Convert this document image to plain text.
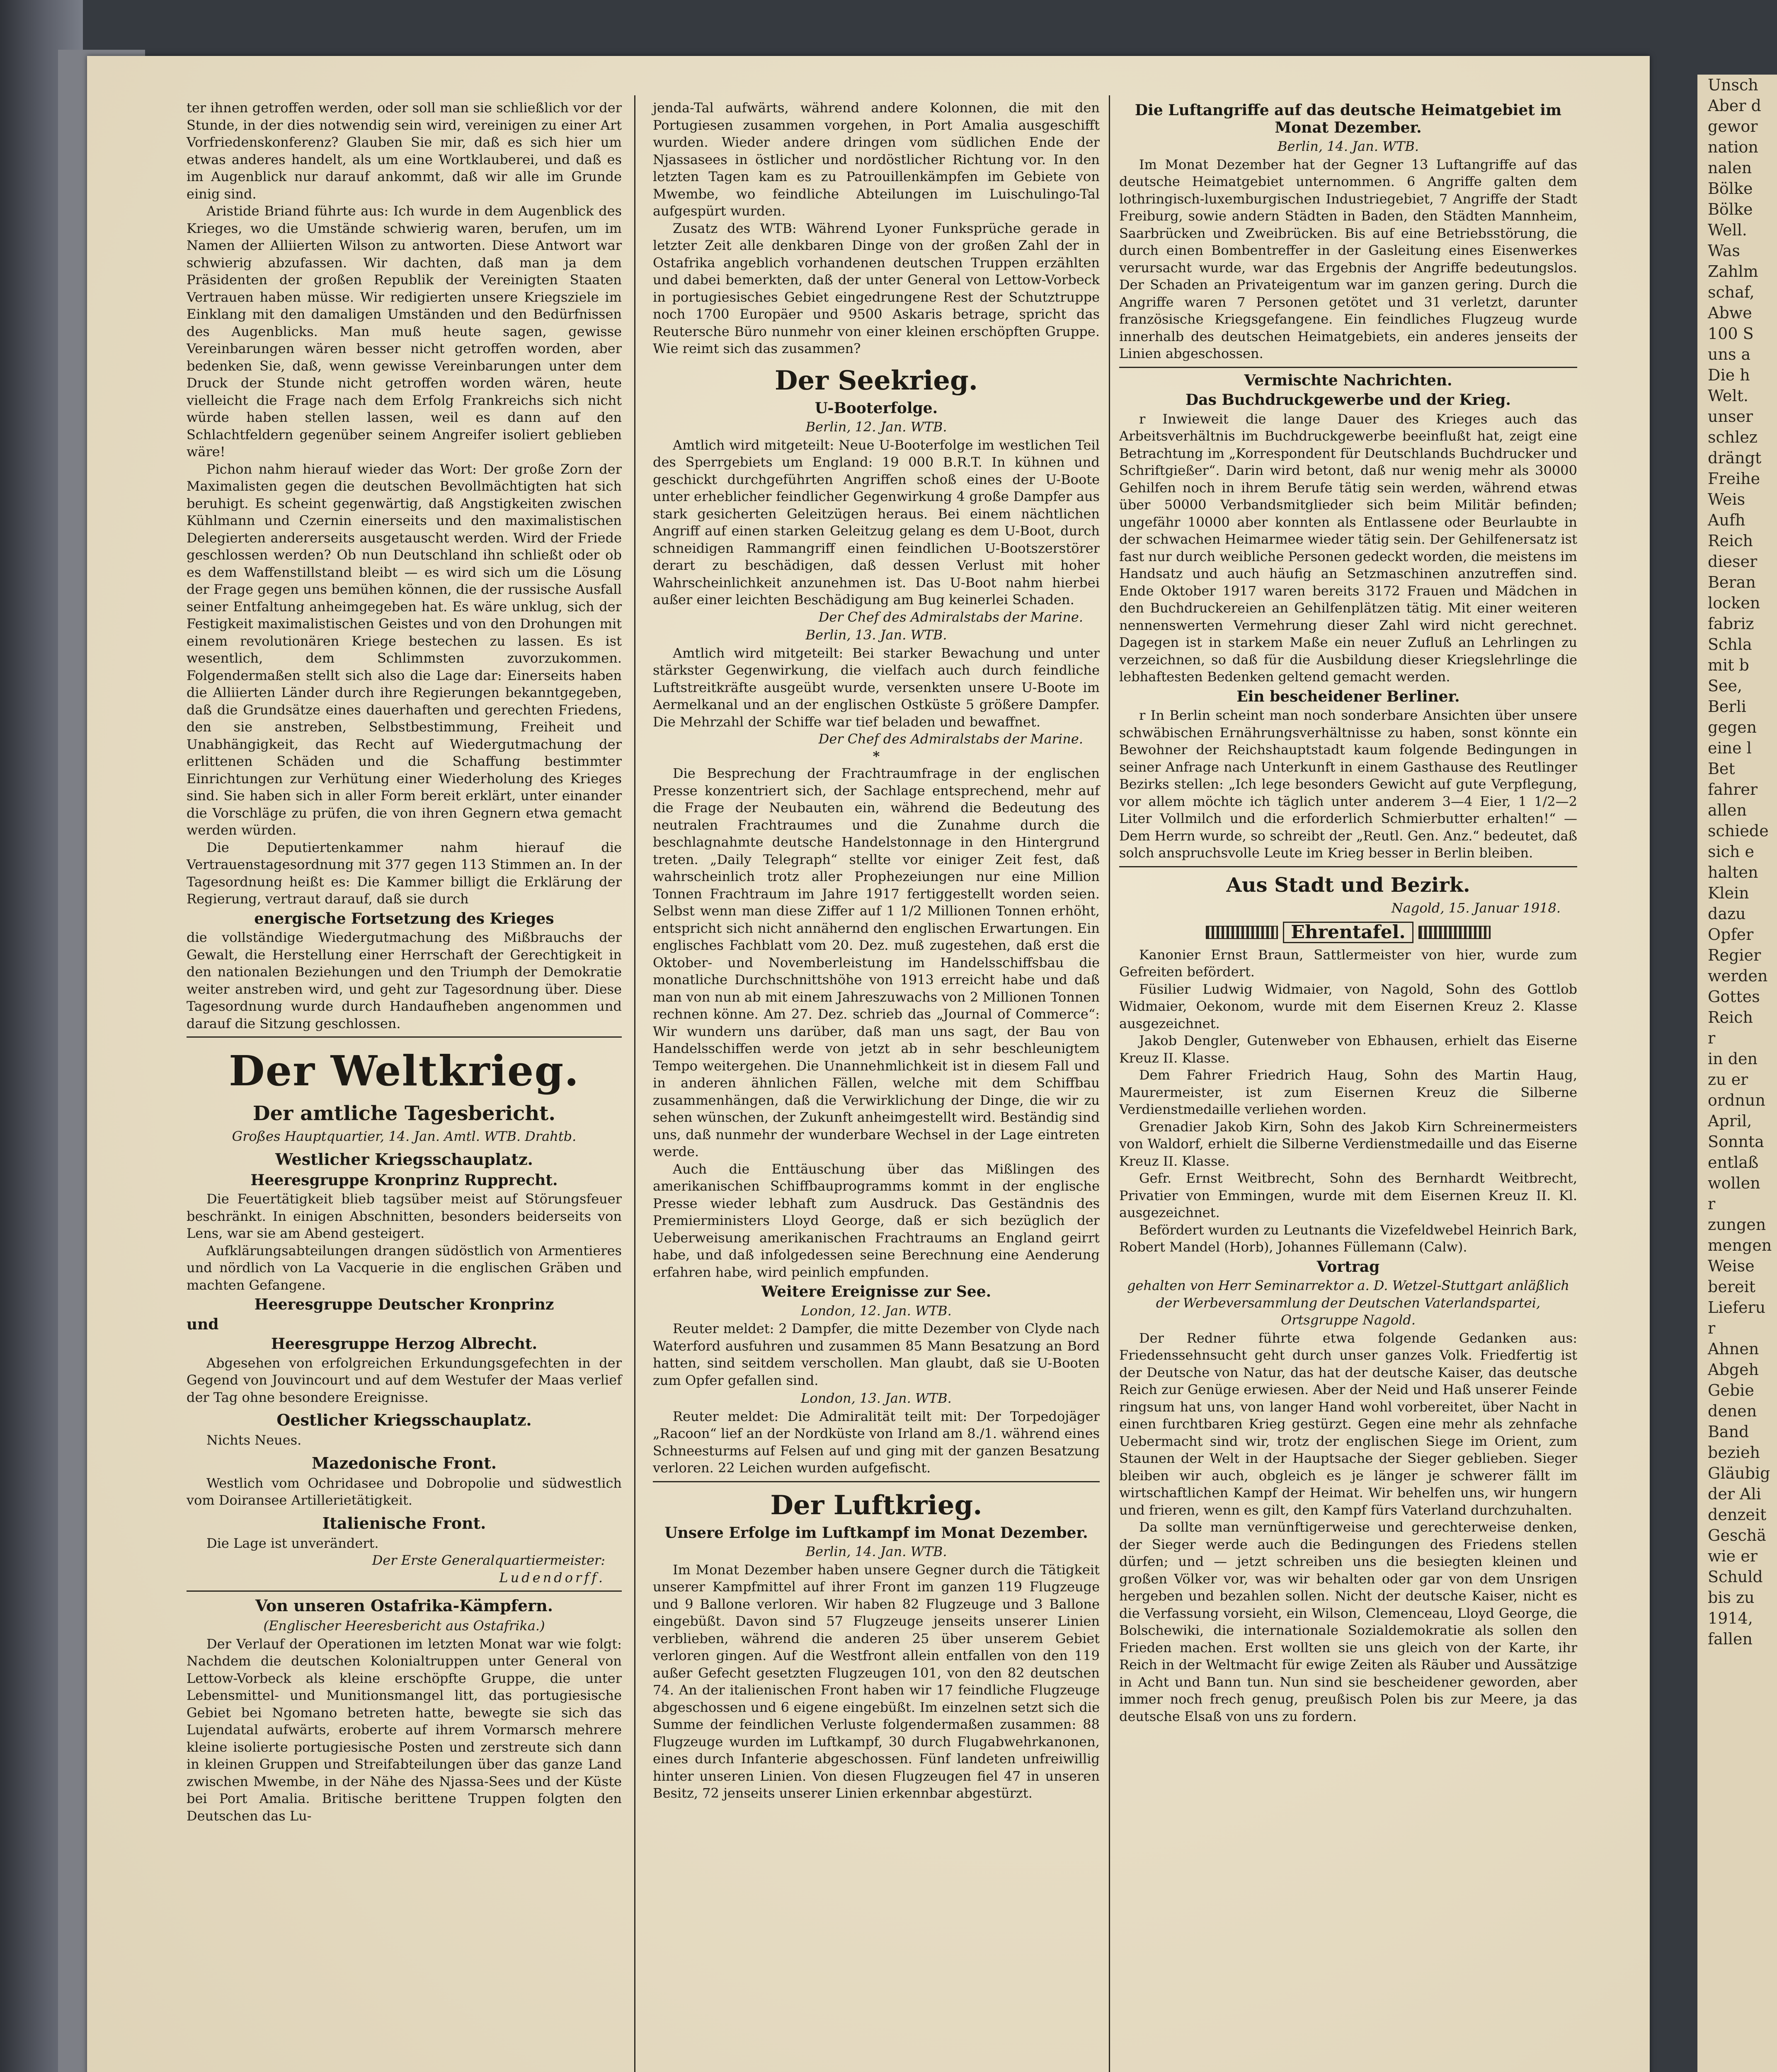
ter ihnen getroffen werden, oder soll man sie schließlich vor der Stunde, in der dies notwendig sein wird, vereinigen zu einer Art Vorfriedenskonferenz? Glauben Sie mir, daß es sich hier um etwas anderes handelt, als um eine Wortklauberei, und daß es im Augenblick nur darauf ankommt, daß wir alle im Grunde einig sind.

Aristide Briand führte aus: Ich wurde in dem Augenblick des Krieges, wo die Umstände schwierig waren, berufen, um im Namen der Alliierten Wilson zu antworten. Diese Antwort war schwierig abzufassen. Wir dachten, daß man ja dem Präsidenten der großen Republik der Vereinigten Staaten Vertrauen haben müsse. Wir redigierten unsere Kriegsziele im Einklang mit den damaligen Umständen und den Bedürfnissen des Augenblicks. Man muß heute sagen, gewisse Vereinbarungen wären besser nicht getroffen worden, aber bedenken Sie, daß, wenn gewisse Vereinbarungen unter dem Druck der Stunde nicht getroffen worden wären, heute vielleicht die Frage nach dem Erfolg Frankreichs sich nicht würde haben stellen lassen, weil es dann auf den Schlachtfeldern gegenüber seinem Angreifer isoliert geblieben wäre!

Pichon nahm hierauf wieder das Wort: Der große Zorn der Maximalisten gegen die deutschen Bevollmächtigten hat sich beruhigt. Es scheint gegenwärtig, daß Angstigkeiten zwischen Kühlmann und Czernin einerseits und den maximalistischen Delegierten andererseits ausgetauscht werden. Wird der Friede geschlossen werden? Ob nun Deutschland ihn schließt oder ob es dem Waffenstillstand bleibt — es wird sich um die Lösung der Frage gegen uns bemühen können, die der russische Ausfall seiner Entfaltung anheimgegeben hat. Es wäre unklug, sich der Festigkeit maximalistischen Geistes und von den Drohungen mit einem revolutionären Kriege bestechen zu lassen. Es ist wesentlich, dem Schlimmsten zuvorzukommen. Folgendermaßen stellt sich also die Lage dar: Einerseits haben die Alliierten Länder durch ihre Regierungen bekanntgegeben, daß die Grundsätze eines dauerhaften und gerechten Friedens, den sie anstreben, Selbstbestimmung, Freiheit und Unabhängigkeit, das Recht auf Wiedergutmachung der erlittenen Schäden und die Schaffung bestimmter Einrichtungen zur Verhütung einer Wiederholung des Krieges sind. Sie haben sich in aller Form bereit erklärt, unter einander die Vorschläge zu prüfen, die von ihren Gegnern etwa gemacht werden würden.

Die Deputiertenkammer nahm hierauf die Vertrauenstagesordnung mit 377 gegen 113 Stimmen an. In der Tagesordnung heißt es: Die Kammer billigt die Erklärung der Regierung, vertraut darauf, daß sie durch

energische Fortsetzung des Krieges

die vollständige Wiedergutmachung des Mißbrauchs der Gewalt, die Herstellung einer Herrschaft der Gerechtigkeit in den nationalen Beziehungen und den Triumph der Demokratie weiter anstreben wird, und geht zur Tagesordnung über. Diese Tagesordnung wurde durch Handaufheben angenommen und darauf die Sitzung geschlossen.

Der Weltkrieg.
Der amtliche Tagesbericht.
Großes Hauptquartier, 14. Jan. Amtl. WTB. Drahtb.
Westlicher Kriegsschauplatz.
Heeresgruppe Kronprinz Rupprecht.

Die Feuertätigkeit blieb tagsüber meist auf Störungsfeuer beschränkt. In einigen Abschnitten, besonders beiderseits von Lens, war sie am Abend gesteigert.

Aufklärungsabteilungen drangen südöstlich von Armentieres und nördlich von La Vacquerie in die englischen Gräben und machten Gefangene.

Heeresgruppe Deutscher Kronprinz
und
Heeresgruppe Herzog Albrecht.

Abgesehen von erfolgreichen Erkundungsgefechten in der Gegend von Jouvincourt und auf dem Westufer der Maas verlief der Tag ohne besondere Ereignisse.

Oestlicher Kriegsschauplatz.

Nichts Neues.

Mazedonische Front.

Westlich vom Ochridasee und Dobropolie und südwestlich vom Doiransee Artillerietätigkeit.

Italienische Front.

Die Lage ist unverändert.

Der Erste Generalquartiermeister:
Ludendorff.
Von unseren Ostafrika-Kämpfern.
(Englischer Heeresbericht aus Ostafrika.)

Der Verlauf der Operationen im letzten Monat war wie folgt: Nachdem die deutschen Kolonialtruppen unter General von Lettow-Vorbeck als kleine erschöpfte Gruppe, die unter Lebensmittel- und Munitionsmangel litt, das portugiesische Gebiet bei Ngomano betreten hatte, bewegte sie sich das Lujendatal aufwärts, eroberte auf ihrem Vormarsch mehrere kleine isolierte portugiesische Posten und zerstreute sich dann in kleinen Gruppen und Streifabteilungen über das ganze Land zwischen Mwembe, in der Nähe des Njassa-Sees und der Küste bei Port Amalia. Britische berittene Truppen folgten den Deutschen das Lu-

jenda-Tal aufwärts, während andere Kolonnen, die mit den Portugiesen zusammen vorgehen, in Port Amalia ausgeschifft wurden. Wieder andere dringen vom südlichen Ende der Njassasees in östlicher und nordöstlicher Richtung vor. In den letzten Tagen kam es zu Patrouillenkämpfen im Gebiete von Mwembe, wo feindliche Abteilungen im Luischulingo-Tal aufgespürt wurden.

Zusatz des WTB: Während Lyoner Funksprüche gerade in letzter Zeit alle denkbaren Dinge von der großen Zahl der in Ostafrika angeblich vorhandenen deutschen Truppen erzählten und dabei bemerkten, daß der unter General von Lettow-Vorbeck in portugiesisches Gebiet eingedrungene Rest der Schutztruppe noch 1700 Europäer und 9500 Askaris betrage, spricht das Reutersche Büro nunmehr von einer kleinen erschöpften Gruppe. Wie reimt sich das zusammen?

Der Seekrieg.
U-Booterfolge.
Berlin, 12. Jan. WTB.

Amtlich wird mitgeteilt: Neue U-Booterfolge im westlichen Teil des Sperrgebiets um England: 19 000 B.R.T. In kühnen und geschickt durchgeführten Angriffen schoß eines der U-Boote unter erheblicher feindlicher Gegenwirkung 4 große Dampfer aus stark gesicherten Geleitzügen heraus. Bei einem nächtlichen Angriff auf einen starken Geleitzug gelang es dem U-Boot, durch schneidigen Rammangriff einen feindlichen U-Bootszerstörer derart zu beschädigen, daß dessen Verlust mit hoher Wahrscheinlichkeit anzunehmen ist. Das U-Boot nahm hierbei außer einer leichten Beschädigung am Bug keinerlei Schaden.

Der Chef des Admiralstabs der Marine.
Berlin, 13. Jan. WTB.

Amtlich wird mitgeteilt: Bei starker Bewachung und unter stärkster Gegenwirkung, die vielfach auch durch feindliche Luftstreitkräfte ausgeübt wurde, versenkten unsere U-Boote im Aermelkanal und an der englischen Ostküste 5 größere Dampfer. Die Mehrzahl der Schiffe war tief beladen und bewaffnet.

Der Chef des Admiralstabs der Marine.
*

Die Besprechung der Frachtraumfrage in der englischen Presse konzentriert sich, der Sachlage entsprechend, mehr auf die Frage der Neubauten ein, während die Bedeutung des neutralen Frachtraumes und die Zunahme durch die beschlagnahmte deutsche Handelstonnage in den Hintergrund treten. „Daily Telegraph“ stellte vor einiger Zeit fest, daß wahrscheinlich trotz aller Prophezeiungen nur eine Million Tonnen Frachtraum im Jahre 1917 fertiggestellt worden seien. Selbst wenn man diese Ziffer auf 1 1/2 Millionen Tonnen erhöht, entspricht sich nicht annähernd den englischen Erwartungen. Ein englisches Fachblatt vom 20. Dez. muß zugestehen, daß erst die Oktober- und Novemberleistung im Handelsschiffsbau die monatliche Durchschnittshöhe von 1913 erreicht habe und daß man von nun ab mit einem Jahreszuwachs von 2 Millionen Tonnen rechnen könne. Am 27. Dez. schrieb das „Journal of Commerce“: Wir wundern uns darüber, daß man uns sagt, der Bau von Handelsschiffen werde von jetzt ab in sehr beschleunigtem Tempo weitergehen. Die Unannehmlichkeit ist in diesem Fall und in anderen ähnlichen Fällen, welche mit dem Schiffbau zusammenhängen, daß die Verwirklichung der Dinge, die wir zu sehen wünschen, der Zukunft anheimgestellt wird. Beständig sind uns, daß nunmehr der wunderbare Wechsel in der Lage eintreten werde.

Auch die Enttäuschung über das Mißlingen des amerikanischen Schiffbauprogramms kommt in der englische Presse wieder lebhaft zum Ausdruck. Das Geständnis des Premierministers Lloyd George, daß er sich bezüglich der Ueberweisung amerikanischen Frachtraums an England geirrt habe, und daß infolgedessen seine Berechnung eine Aenderung erfahren habe, wird peinlich empfunden.

Weitere Ereignisse zur See.
London, 12. Jan. WTB.

Reuter meldet: 2 Dampfer, die mitte Dezember von Clyde nach Waterford ausfuhren und zusammen 85 Mann Besatzung an Bord hatten, sind seitdem verschollen. Man glaubt, daß sie U-Booten zum Opfer gefallen sind.

London, 13. Jan. WTB.

Reuter meldet: Die Admiralität teilt mit: Der Torpedojäger „Racoon“ lief an der Nordküste von Irland am 8./1. während eines Schneesturms auf Felsen auf und ging mit der ganzen Besatzung verloren. 22 Leichen wurden aufgefischt.

Der Luftkrieg.
Unsere Erfolge im Luftkampf im Monat Dezember.
Berlin, 14. Jan. WTB.

Im Monat Dezember haben unsere Gegner durch die Tätigkeit unserer Kampfmittel auf ihrer Front im ganzen 119 Flugzeuge und 9 Ballone verloren. Wir haben 82 Flugzeuge und 3 Ballone eingebüßt. Davon sind 57 Flugzeuge jenseits unserer Linien verblieben, während die anderen 25 über unserem Gebiet verloren gingen. Auf die Westfront allein entfallen von den 119 außer Gefecht gesetzten Flugzeugen 101, von den 82 deutschen 74. An der italienischen Front haben wir 17 feindliche Flugzeuge abgeschossen und 6 eigene eingebüßt. Im einzelnen setzt sich die Summe der feindlichen Verluste folgendermaßen zusammen: 88 Flugzeuge wurden im Luftkampf, 30 durch Flugabwehrkanonen, eines durch Infanterie abgeschossen. Fünf landeten unfreiwillig hinter unseren Linien. Von diesen Flugzeugen fiel 47 in unseren Besitz, 72 jenseits unserer Linien erkennbar abgestürzt.

Die Luftangriffe auf das deutsche Heimatgebiet im Monat Dezember.
Berlin, 14. Jan. WTB.

Im Monat Dezember hat der Gegner 13 Luftangriffe auf das deutsche Heimatgebiet unternommen. 6 Angriffe galten dem lothringisch-luxemburgischen Industriegebiet, 7 Angriffe der Stadt Freiburg, sowie andern Städten in Baden, den Städten Mannheim, Saarbrücken und Zweibrücken. Bis auf eine Betriebsstörung, die durch einen Bombentreffer in der Gasleitung eines Eisenwerkes verursacht wurde, war das Ergebnis der Angriffe bedeutungslos. Der Schaden an Privateigentum war im ganzen gering. Durch die Angriffe waren 7 Personen getötet und 31 verletzt, darunter französische Kriegsgefangene. Ein feindliches Flugzeug wurde innerhalb des deutschen Heimatgebiets, ein anderes jenseits der Linien abgeschossen.

Vermischte Nachrichten.
Das Buchdruckgewerbe und der Krieg.

r Inwieweit die lange Dauer des Krieges auch das Arbeitsverhältnis im Buchdruckgewerbe beeinflußt hat, zeigt eine Betrachtung im „Korrespondent für Deutschlands Buchdrucker und Schriftgießer“. Darin wird betont, daß nur wenig mehr als 30000 Gehilfen noch in ihrem Berufe tätig sein werden, während etwas über 50000 Verbandsmitglieder sich beim Militär befinden; ungefähr 10000 aber konnten als Entlassene oder Beurlaubte in der schwachen Heimarmee wieder tätig sein. Der Gehilfenersatz ist fast nur durch weibliche Personen gedeckt worden, die meistens im Handsatz und auch häufig an Setzmaschinen anzutreffen sind. Ende Oktober 1917 waren bereits 3172 Frauen und Mädchen in den Buchdruckereien an Gehilfenplätzen tätig. Mit einer weiteren nennenswerten Vermehrung dieser Zahl wird nicht gerechnet. Dagegen ist in starkem Maße ein neuer Zufluß an Lehrlingen zu verzeichnen, so daß für die Ausbildung dieser Kriegslehrlinge die lebhaftesten Bedenken geltend gemacht werden.

Ein bescheidener Berliner.

r In Berlin scheint man noch sonderbare Ansichten über unsere schwäbischen Ernährungsverhältnisse zu haben, sonst könnte ein Bewohner der Reichshauptstadt kaum folgende Bedingungen in seiner Anfrage nach Unterkunft in einem Gasthause des Reutlinger Bezirks stellen: „Ich lege besonders Gewicht auf gute Verpflegung, vor allem möchte ich täglich unter anderem 3—4 Eier, 1 1/2—2 Liter Vollmilch und die erforderlich Schmierbutter erhalten!“ — Dem Herrn wurde, so schreibt der „Reutl. Gen. Anz.“ bedeutet, daß solch anspruchsvolle Leute im Krieg besser in Berlin bleiben.

Aus Stadt und Bezirk.
Nagold, 15. Januar 1918.
Ehrentafel.

Kanonier Ernst Braun, Sattlermeister von hier, wurde zum Gefreiten befördert.

Füsilier Ludwig Widmaier, von Nagold, Sohn des Gottlob Widmaier, Oekonom, wurde mit dem Eisernen Kreuz 2. Klasse ausgezeichnet.

Jakob Dengler, Gutenweber von Ebhausen, erhielt das Eiserne Kreuz II. Klasse.

Dem Fahrer Friedrich Haug, Sohn des Martin Haug, Maurermeister, ist zum Eisernen Kreuz die Silberne Verdienstmedaille verliehen worden.

Grenadier Jakob Kirn, Sohn des Jakob Kirn Schreinermeisters von Waldorf, erhielt die Silberne Verdienstmedaille und das Eiserne Kreuz II. Klasse.

Gefr. Ernst Weitbrecht, Sohn des Bernhardt Weitbrecht, Privatier von Emmingen, wurde mit dem Eisernen Kreuz II. Kl. ausgezeichnet.

Befördert wurden zu Leutnants die Vizefeldwebel Heinrich Bark, Robert Mandel (Horb), Johannes Füllemann (Calw).

Vortrag
gehalten von Herr Seminarrektor a. D. Wetzel-Stuttgart anläßlich der Werbeversammlung der Deutschen Vaterlandspartei, Ortsgruppe Nagold.

Der Redner führte etwa folgende Gedanken aus: Friedenssehnsucht geht durch unser ganzes Volk. Friedfertig ist der Deutsche von Natur, das hat der deutsche Kaiser, das deutsche Reich zur Genüge erwiesen. Aber der Neid und Haß unserer Feinde ringsum hat uns, von langer Hand wohl vorbereitet, über Nacht in einen furchtbaren Krieg gestürzt. Gegen eine mehr als zehnfache Uebermacht sind wir, trotz der englischen Siege im Orient, zum Staunen der Welt in der Hauptsache der Sieger geblieben. Sieger bleiben wir auch, obgleich es je länger je schwerer fällt im wirtschaftlichen Kampf der Heimat. Wir behelfen uns, wir hungern und frieren, wenn es gilt, den Kampf fürs Vaterland durchzuhalten.

Da sollte man vernünftigerweise und gerechterweise denken, der Sieger werde auch die Bedingungen des Friedens stellen dürfen; und — jetzt schreiben uns die besiegten kleinen und großen Völker vor, was wir behalten oder gar von dem Unsrigen hergeben und bezahlen sollen. Nicht der deutsche Kaiser, nicht es die Verfassung vorsieht, ein Wilson, Clemenceau, Lloyd George, die Bolschewiki, die internationale Sozialdemokratie als sollen den Frieden machen. Erst wollten sie uns gleich von der Karte, ihr Reich in der Weltmacht für ewige Zeiten als Räuber und Aussätzige in Acht und Bann tun. Nun sind sie bescheidener geworden, aber immer noch frech genug, preußisch Polen bis zur Meere, ja das deutsche Elsaß von uns zu fordern.

Unsch
Aber d
gewor
nation
nalen
Bölke
Bölke
Well.
Was
Zahlm
schaf,
Abwe
100 S
uns a
Die h
Welt.
unser
schlez
drängt
Freihe
Weis
Aufh
Reich
dieser
Beran
locken
fabriz
Schla
mit b
See,
Berli
gegen
eine l
Bet
fahrer
allen
schiede
sich e
halten
Klein
dazu
Opfer
Regier
werden
Gottes
Reich
r
in den
zu er
ordnun
April,
Sonnta
entlaß
wollen
r
zungen
mengen
Weise
bereit
Lieferu
r
Ahnen
Abgeh
Gebie
denen
Band
bezieh
Gläubig
der Ali
denzeit
Geschä
wie er
Schuld
bis zu
1914,
fallen
